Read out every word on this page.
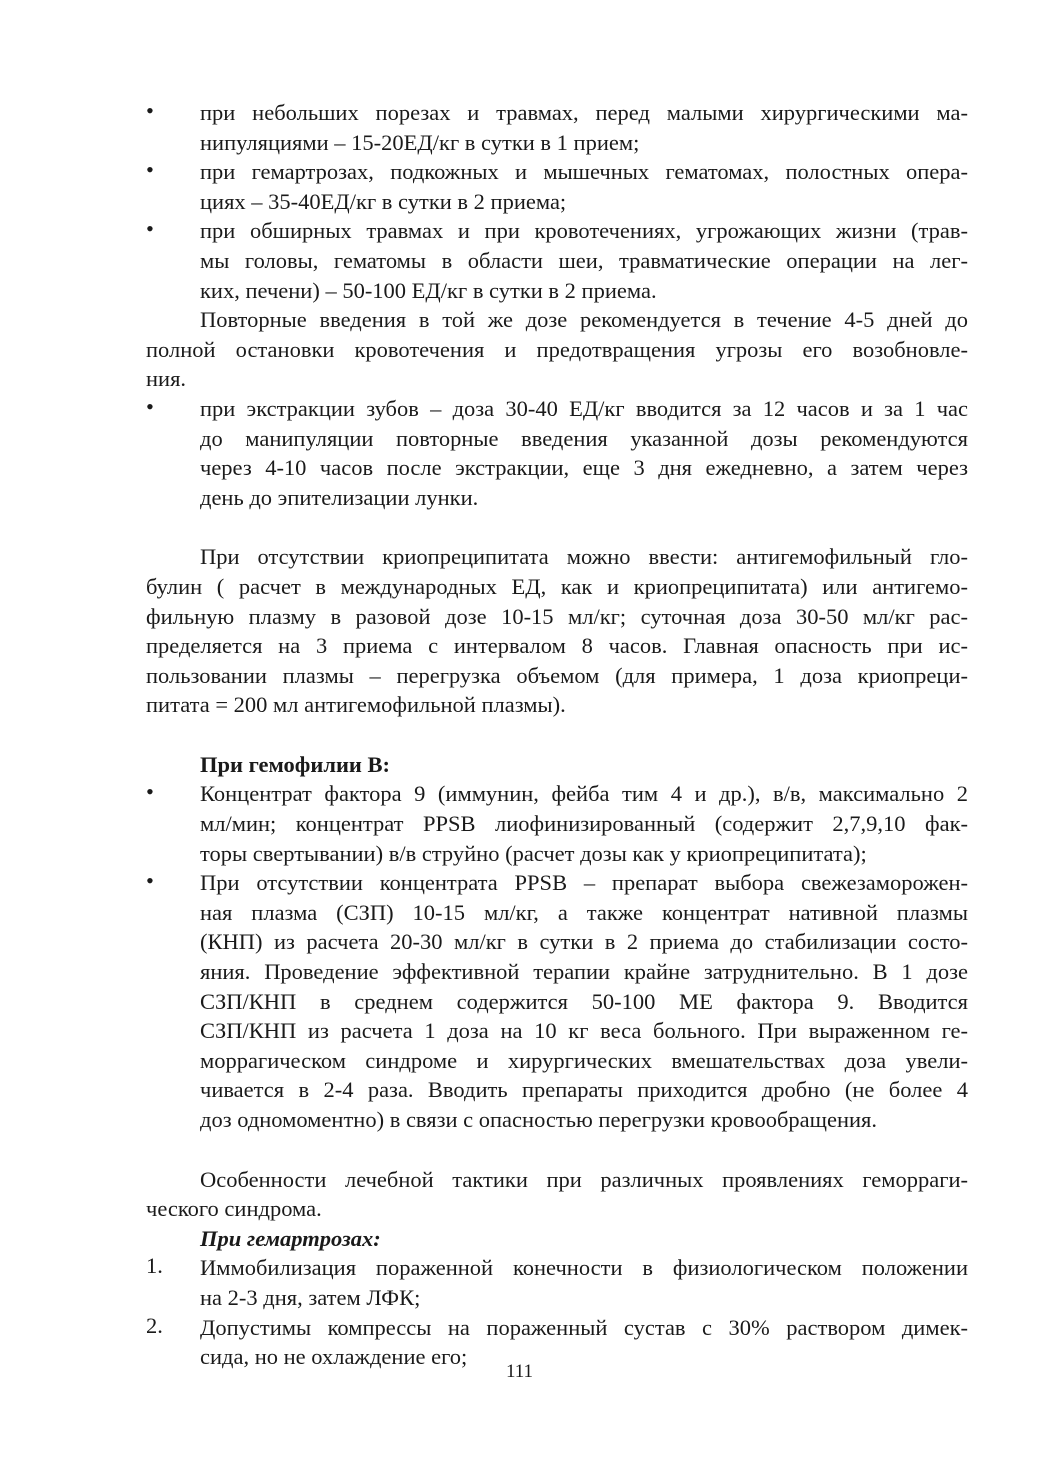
•	при небольших порезах и травмах, перед малыми хирургическими ма-
нипуляциями – 15-20ЕД/кг в сутки в 1 прием;
•	при гемартрозах, подкожных и мышечных гематомах, полостных опера-
циях – 35-40ЕД/кг в сутки в 2 приема;
•	при обширных травмах и при кровотечениях, угрожающих жизни (трав-
мы головы, гематомы в области шеи, травматические операции на лег-
ких, печени) – 50-100 ЕД/кг в сутки в 2 приема.
Повторные введения в той же дозе рекомендуется в течение 4-5 дней до
полной остановки кровотечения и предотвращения угрозы его возобновле-
ния.
•	при экстракции зубов – доза 30-40 ЕД/кг вводится за 12 часов и за 1 час
до манипуляции повторные введения указанной дозы рекомендуются
через 4-10 часов после экстракции, еще 3 дня ежедневно, а затем через
день до эпителизации лунки.
При отсутствии криопреципитата можно ввести: антигемофильный гло-
булин ( расчет в международных ЕД, как и криопреципитата) или антигемо-
фильную плазму в разовой дозе 10-15 мл/кг; суточная доза 30-50 мл/кг рас-
пределяется на 3 приема с интервалом 8 часов. Главная опасность при ис-
пользовании плазмы – перегрузка объемом (для примера, 1 доза криопреци-
питата = 200 мл антигемофильной плазмы).
При гемофилии В:
•	Концентрат фактора 9 (иммунин, фейба тим 4 и др.), в/в, максимально 2
мл/мин; концентрат PPSB лиофинизированный (содержит 2,7,9,10 фак-
торы свертывании) в/в струйно (расчет дозы как у криопреципитата);
•	При отсутствии концентрата PPSB – препарат выбора свежезаморожен-
ная плазма (СЗП) 10-15 мл/кг, а также концентрат нативной плазмы
(КНП) из расчета 20-30 мл/кг в сутки в 2 приема до стабилизации состо-
яния. Проведение эффективной терапии крайне затруднительно. В 1 дозе
СЗП/КНП в среднем содержится 50-100 МЕ фактора 9. Вводится
СЗП/КНП из расчета 1 доза на 10 кг веса больного. При выраженном ге-
моррагическом синдроме и хирургических вмешательствах доза увели-
чивается в 2-4 раза. Вводить препараты приходится дробно (не более 4
доз одномоментно) в связи с опасностью перегрузки кровообращения.
Особенности лечебной тактики при различных проявлениях геморраги-
ческого синдрома.
При гемартрозах:
1.	Иммобилизация пораженной конечности в физиологическом положении
на 2-3 дня, затем ЛФК;
2.	Допустимы компрессы на пораженный сустав с 30% раствором димек-
сида, но не охлаждение его;
111
